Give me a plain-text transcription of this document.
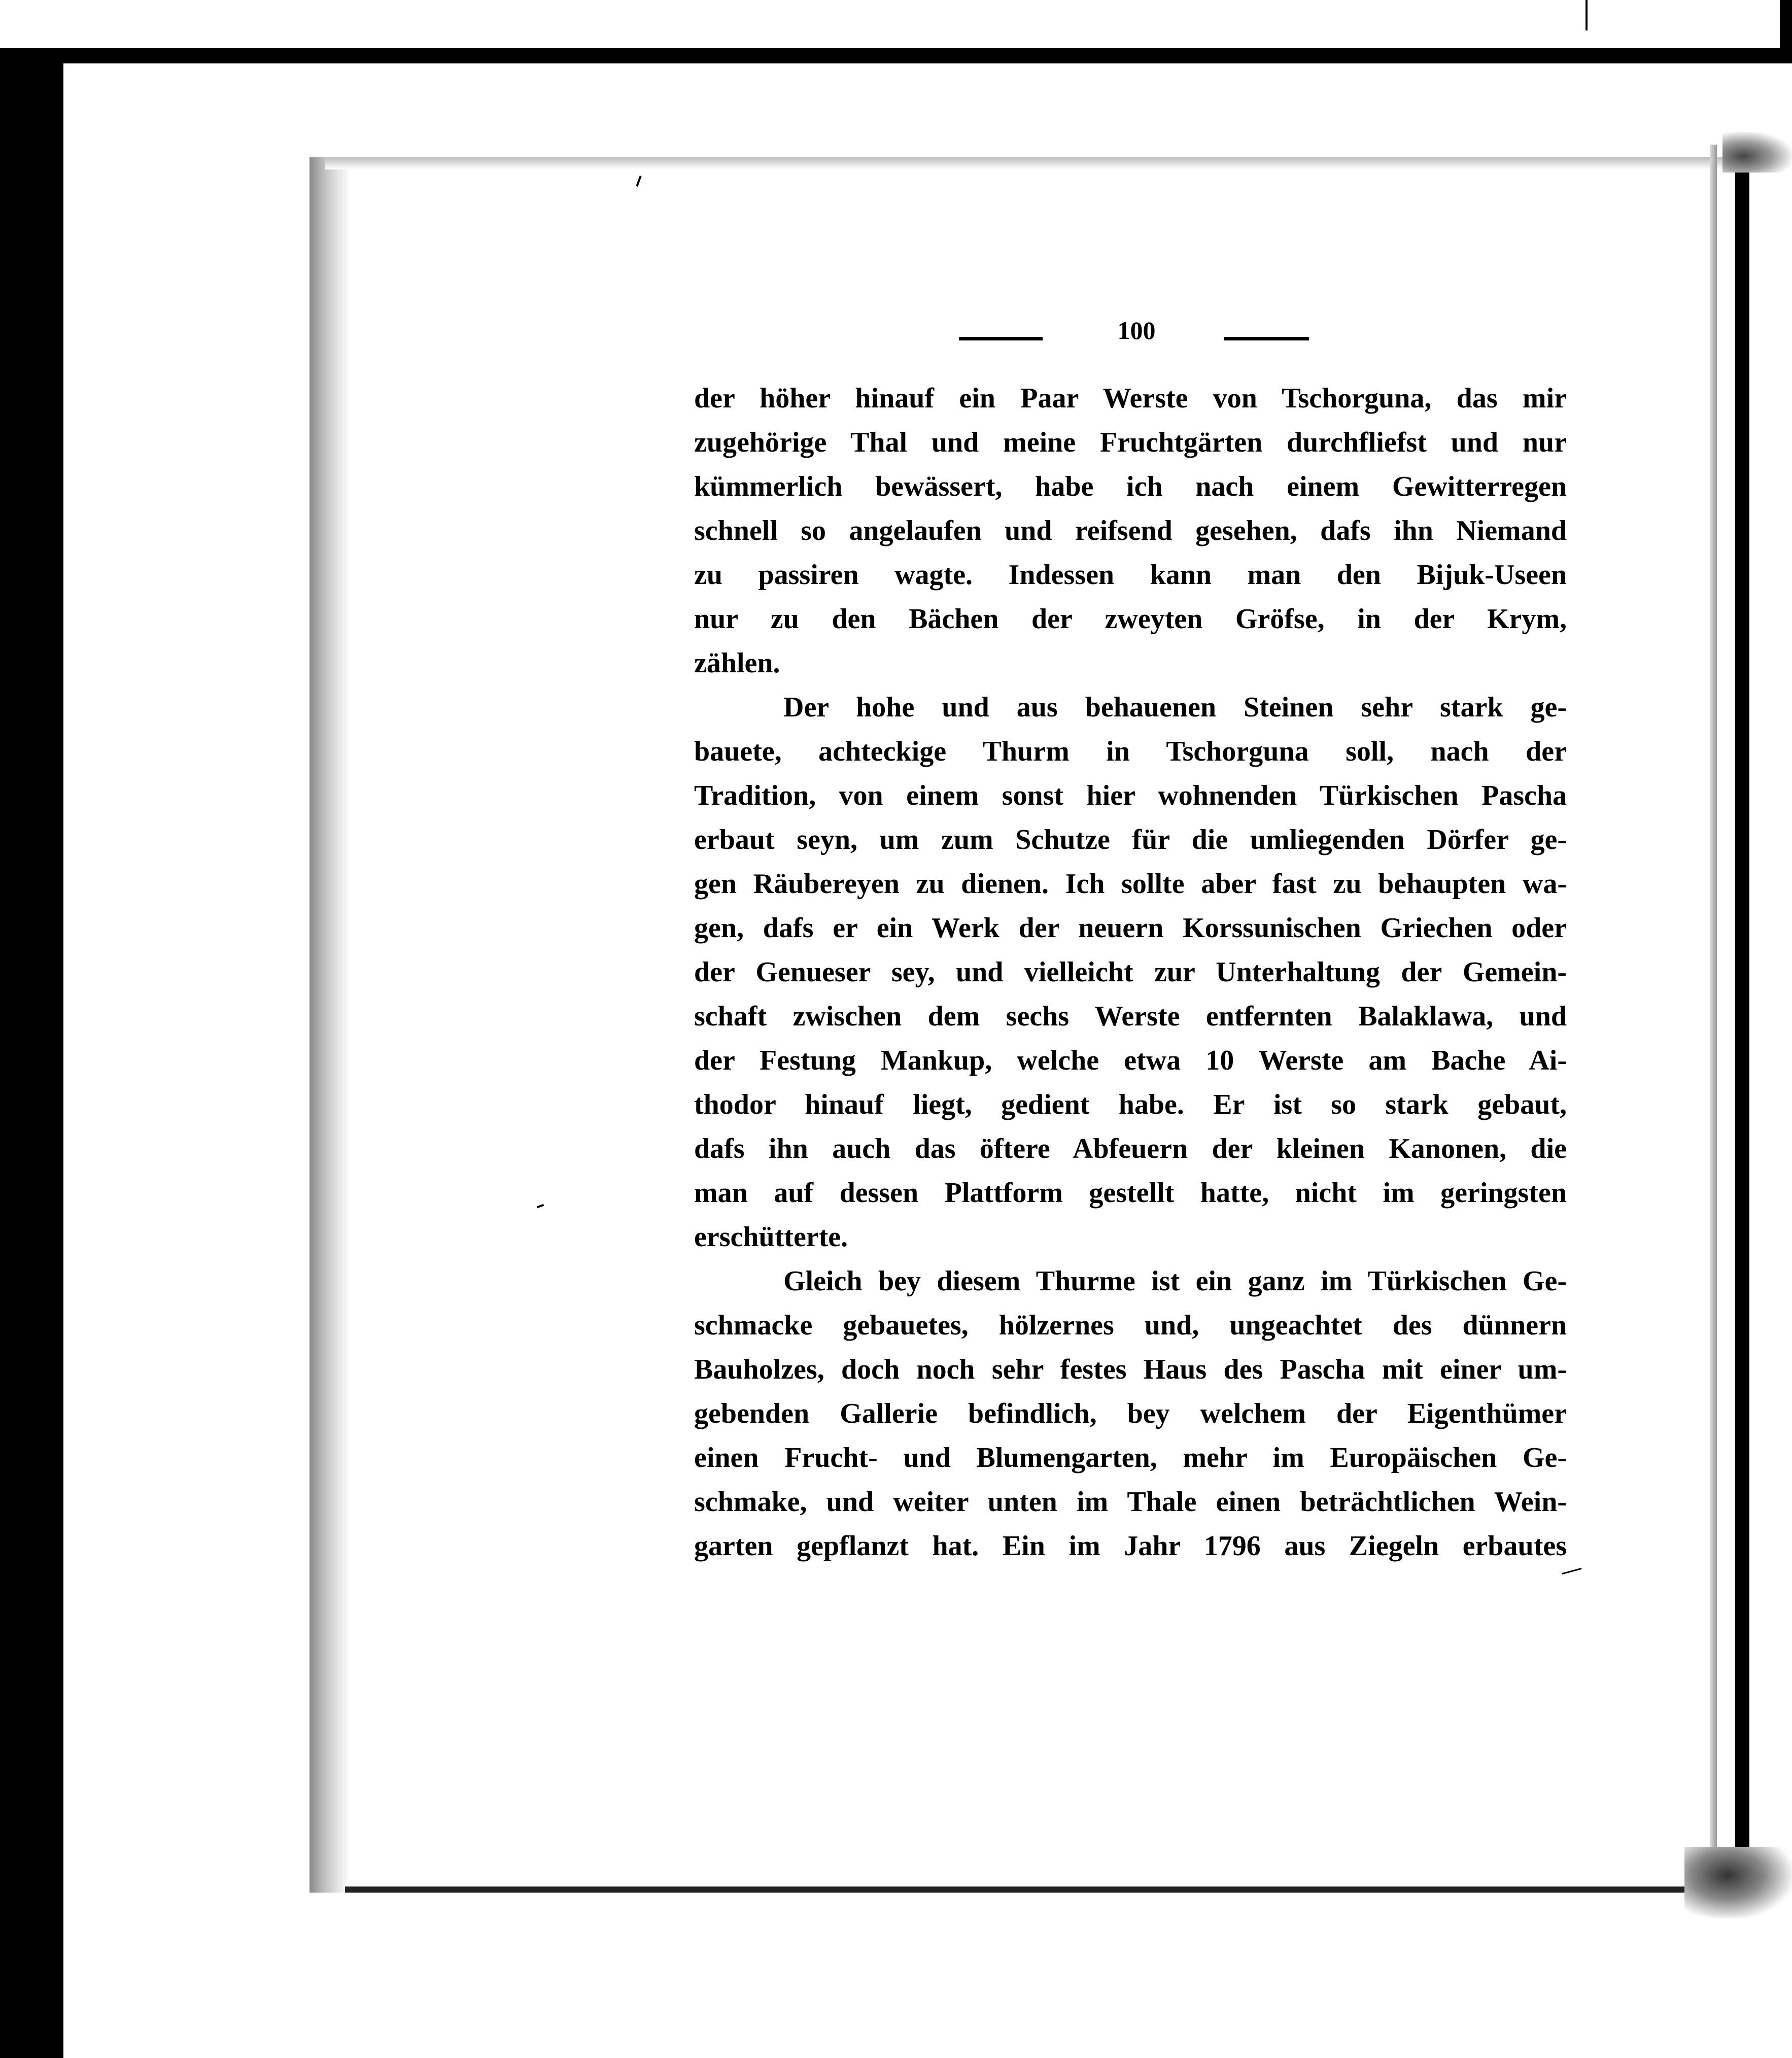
100
der höher hinauf ein Paar Werste von Tschorguna, das mir
zugehörige Thal und meine Fruchtgärten durchfliefst und nur
kümmerlich bewässert, habe ich nach einem Gewitterregen
schnell so angelaufen und reifsend gesehen, dafs ihn Niemand
zu passiren wagte. Indessen kann man den Bijuk-Useen
nur zu den Bächen der zweyten Gröfse, in der Krym,
zählen.
Der hohe und aus behauenen Steinen sehr stark ge-
bauete, achteckige Thurm in Tschorguna soll, nach der
Tradition, von einem sonst hier wohnenden Türkischen Pascha
erbaut seyn, um zum Schutze für die umliegenden Dörfer ge-
gen Räubereyen zu dienen. Ich sollte aber fast zu behaupten wa-
gen, dafs er ein Werk der neuern Korssunischen Griechen oder
der Genueser sey, und vielleicht zur Unterhaltung der Gemein-
schaft zwischen dem sechs Werste entfernten Balaklawa, und
der Festung Mankup, welche etwa 10 Werste am Bache Ai-
thodor hinauf liegt, gedient habe. Er ist so stark gebaut,
dafs ihn auch das öftere Abfeuern der kleinen Kanonen, die
man auf dessen Plattform gestellt hatte, nicht im geringsten
erschütterte.
Gleich bey diesem Thurme ist ein ganz im Türkischen Ge-
schmacke gebauetes, hölzernes und, ungeachtet des dünnern
Bauholzes, doch noch sehr festes Haus des Pascha mit einer um-
gebenden Gallerie befindlich, bey welchem der Eigenthümer
einen Frucht- und Blumengarten, mehr im Europäischen Ge-
schmake, und weiter unten im Thale einen beträchtlichen Wein-
garten gepflanzt hat. Ein im Jahr 1796 aus Ziegeln erbautes
